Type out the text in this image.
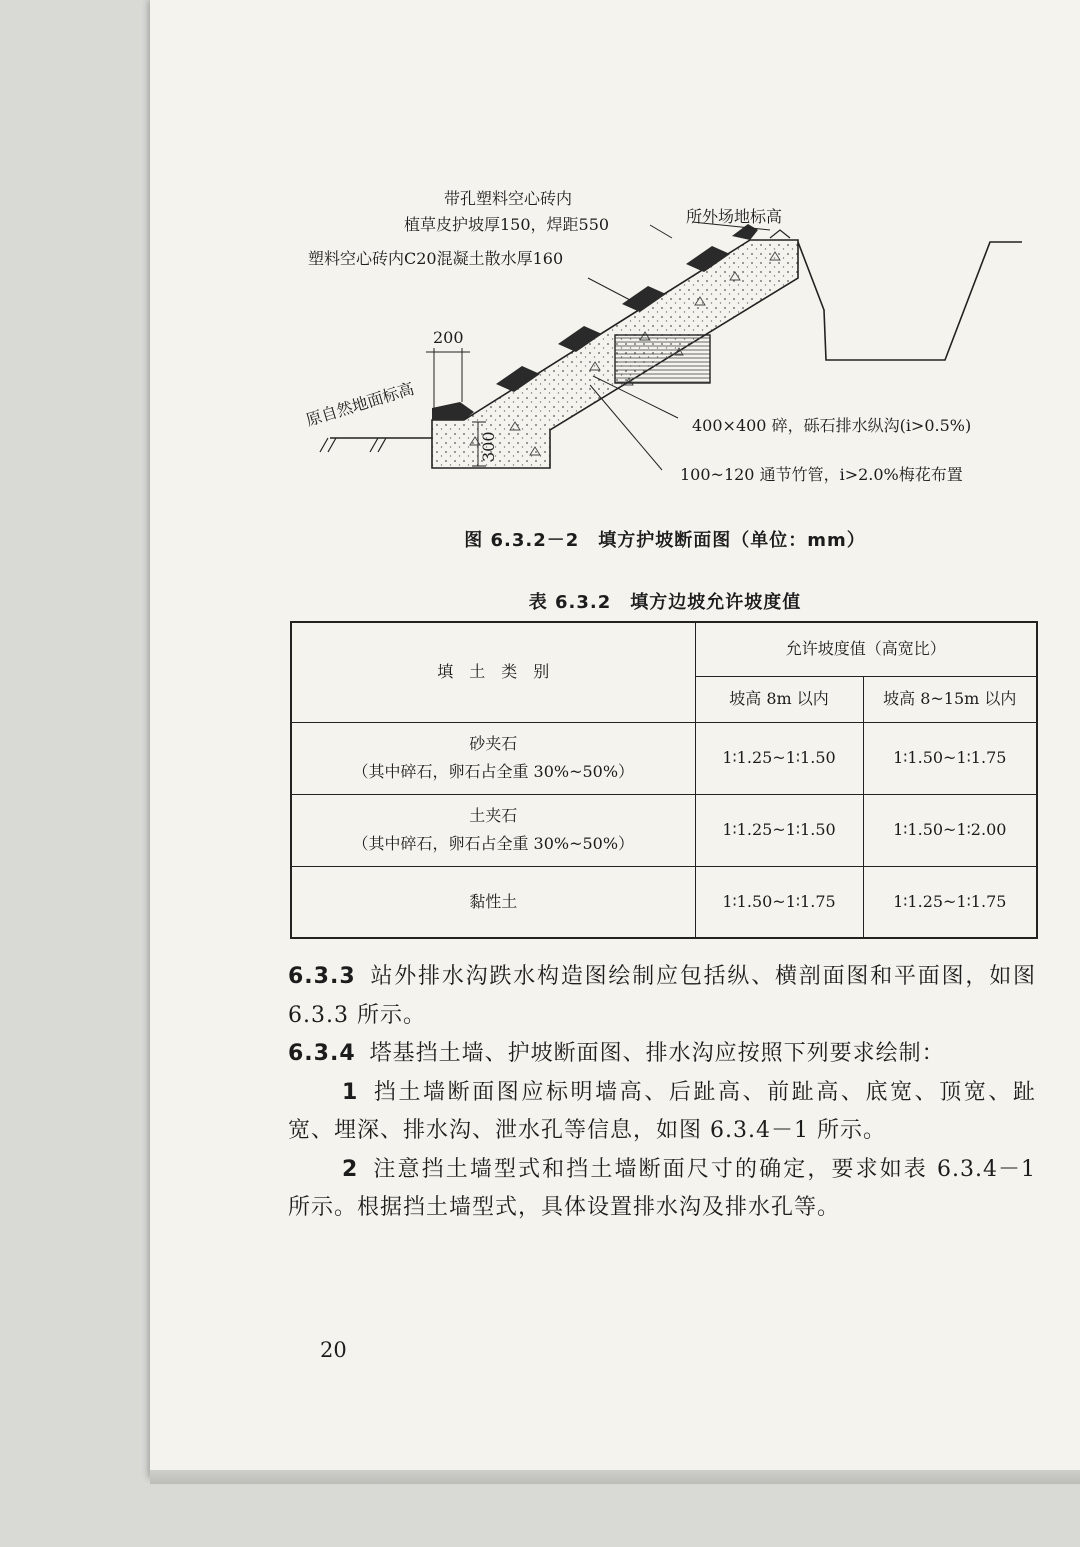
200
300
带孔塑料空心砖内
植草皮护坡厚150，焊距550
塑料空心砖内C20混凝土散水厚160
所外场地标高
原自然地面标高	400×400 碎，砾石排水纵沟(i>0.5%)
100~120 通节竹管，i>2.0%梅花布置
图 6.3.2－2　填方护坡断面图（单位：mm）
表 6.3.2　填方边坡允许坡度值
填　土　类　别	允许坡度值（高宽比）	
	坡高 8m 以内	坡高 8~15m 以内

砂夹石
（其中碎石，卵石占全重 30%~50%）	1∶1.25~1∶1.50	1∶1.50~1∶1.75

土夹石
（其中碎石，卵石占全重 30%~50%）	1∶1.25~1∶1.50	1∶1.50~1∶2.00
黏性土	1∶1.50~1∶1.75	1∶1.25~1∶1.75

6.3.3 站外排水沟跌水构造图绘制应包括纵、横剖面图和平面图，如图 6.3.3 所示。

6.3.4 塔基挡土墙、护坡断面图、排水沟应按照下列要求绘制：

1 挡土墙断面图应标明墙高、后趾高、前趾高、底宽、顶宽、趾宽、埋深、排水沟、泄水孔等信息，如图 6.3.4－1 所示。

2 注意挡土墙型式和挡土墙断面尺寸的确定，要求如表 6.3.4－1 所示。根据挡土墙型式，具体设置排水沟及排水孔等。

20
